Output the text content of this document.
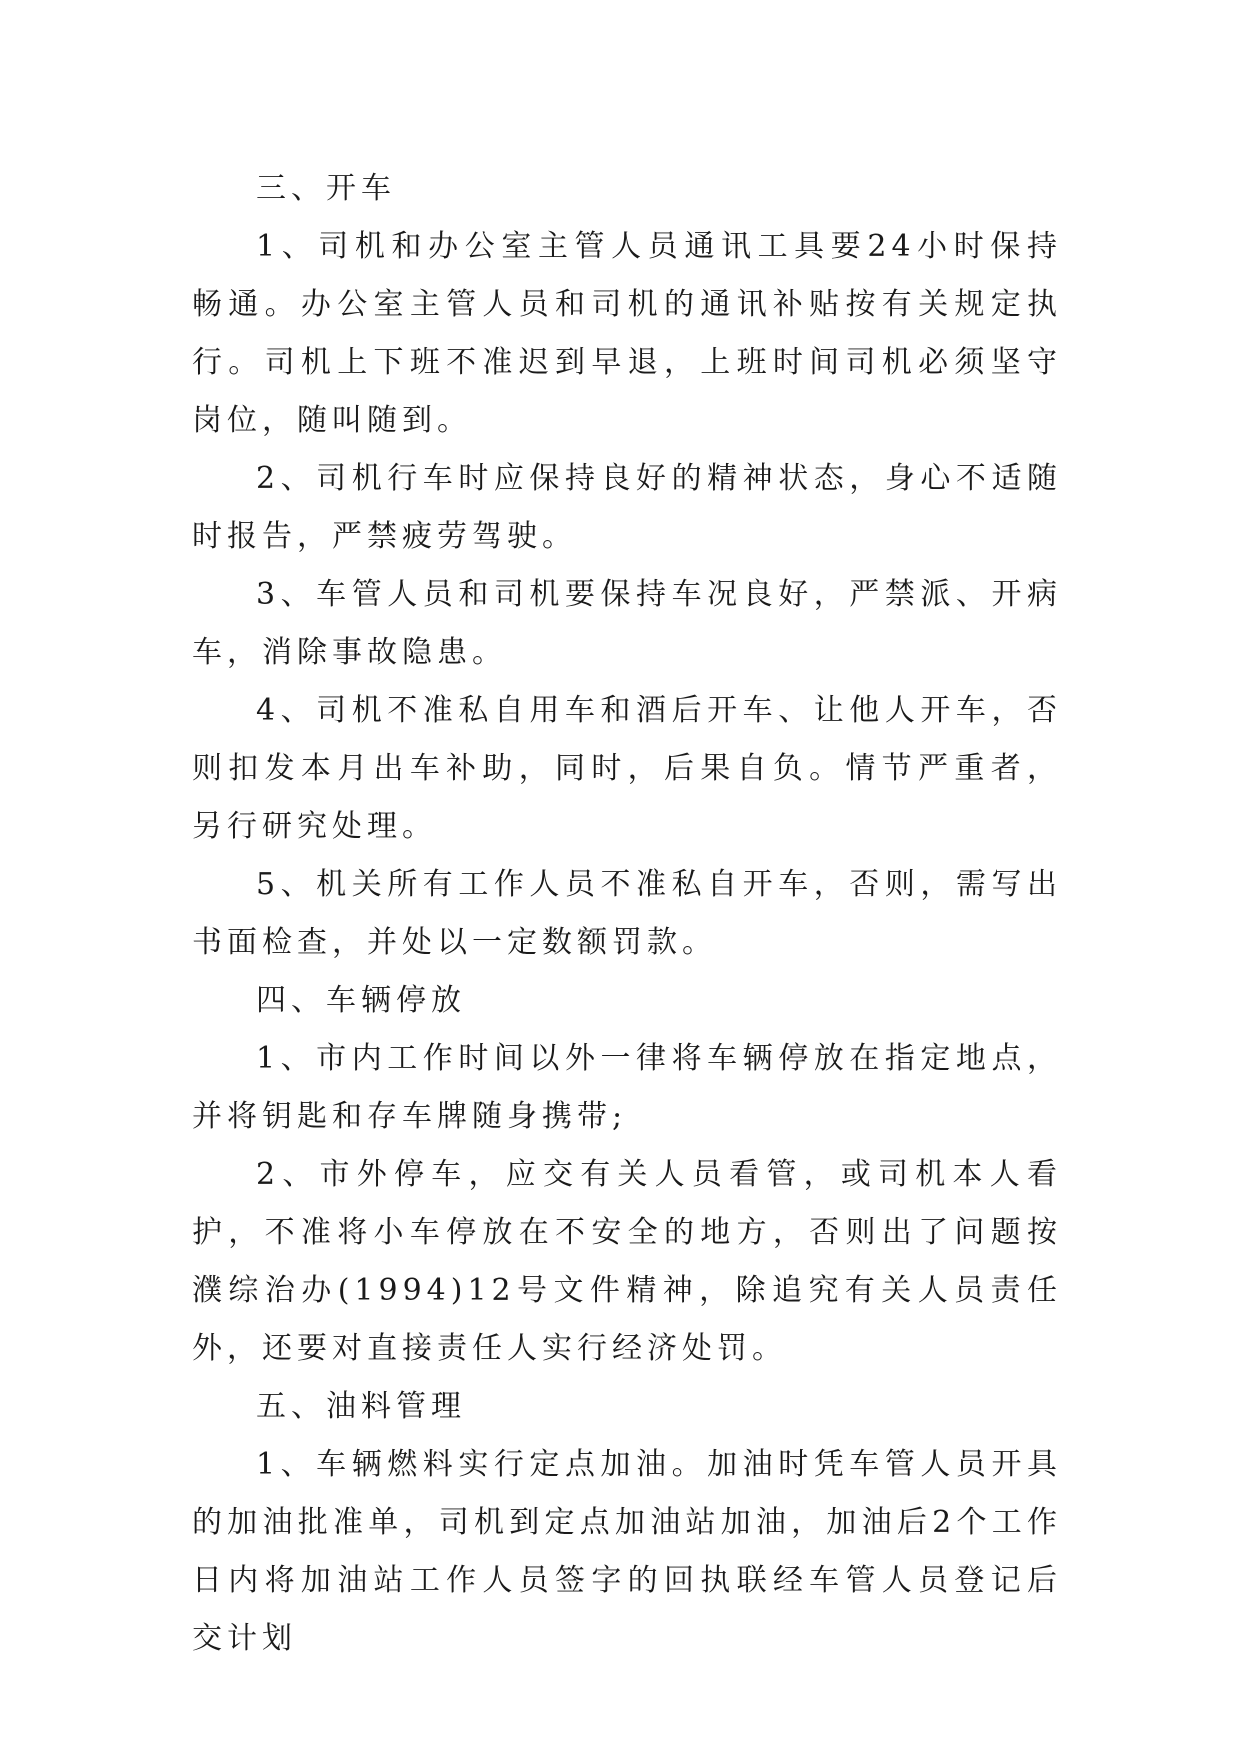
三、开车

1、司机和办公室主管人员通讯工具要24小时保持畅通。办公室主管人员和司机的通讯补贴按有关规定执行。司机上下班不准迟到早退，上班时间司机必须坚守岗位，随叫随到。

2、司机行车时应保持良好的精神状态，身心不适随时报告，严禁疲劳驾驶。

3、车管人员和司机要保持车况良好，严禁派、开病车，消除事故隐患。

4、司机不准私自用车和酒后开车、让他人开车，否则扣发本月出车补助，同时，后果自负。情节严重者，另行研究处理。

5、机关所有工作人员不准私自开车，否则，需写出书面检查，并处以一定数额罚款。

四、车辆停放

1、市内工作时间以外一律将车辆停放在指定地点，并将钥匙和存车牌随身携带;

2、市外停车，应交有关人员看管，或司机本人看护，不准将小车停放在不安全的地方，否则出了问题按濮综治办(1994)12号文件精神，除追究有关人员责任外，还要对直接责任人实行经济处罚。

五、油料管理

1、车辆燃料实行定点加油。加油时凭车管人员开具的加油批准单，司机到定点加油站加油，加油后2个工作日内将加油站工作人员签字的回执联经车管人员登记后交计划
